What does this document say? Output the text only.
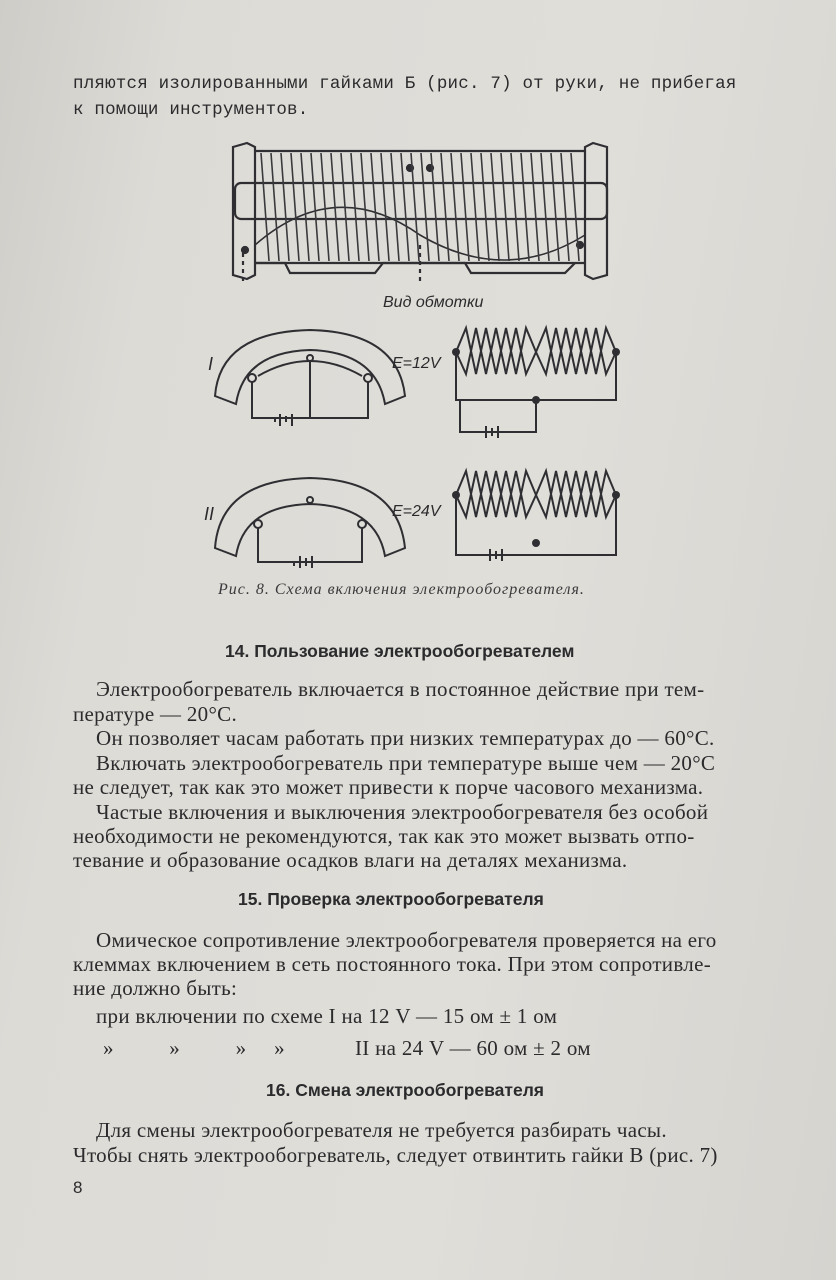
пляются изолированными гайками Б (рис. 7) от руки, не прибегая
к помощи инструментов.
Вид обмотки
I	E=12V
II	E=24V
Рис. 8. Схема включения электрообогревателя.
14. Пользование электрообогревателем
Электрообогреватель включается в постоянное действие при тем-
пературе — 20°С.
Он позволяет часам работать при низких температурах до — 60°С.
Включать электрообогреватель при температуре выше чем — 20°С
не следует, так как это может привести к порче часового механизма.
Частые включения и выключения электрообогревателя без особой
необходимости не рекомендуются, так как это может вызвать отпо-
тевание и образование осадков влаги на деталях механизма.
15. Проверка электрообогревателя
Омическое сопротивление электрообогревателя проверяется на его
клеммах включением в сеть постоянного тока. При этом сопротивле-
ние должно быть:
при включении по схеме I на 12 V — 15 ом ± 1 ом
»          »          »     »	II на 24 V — 60 ом ± 2 ом
16. Смена электрообогревателя
Для смены электрообогревателя не требуется разбирать часы.
Чтобы снять электрообогреватель, следует отвинтить гайки В (рис. 7)
8
